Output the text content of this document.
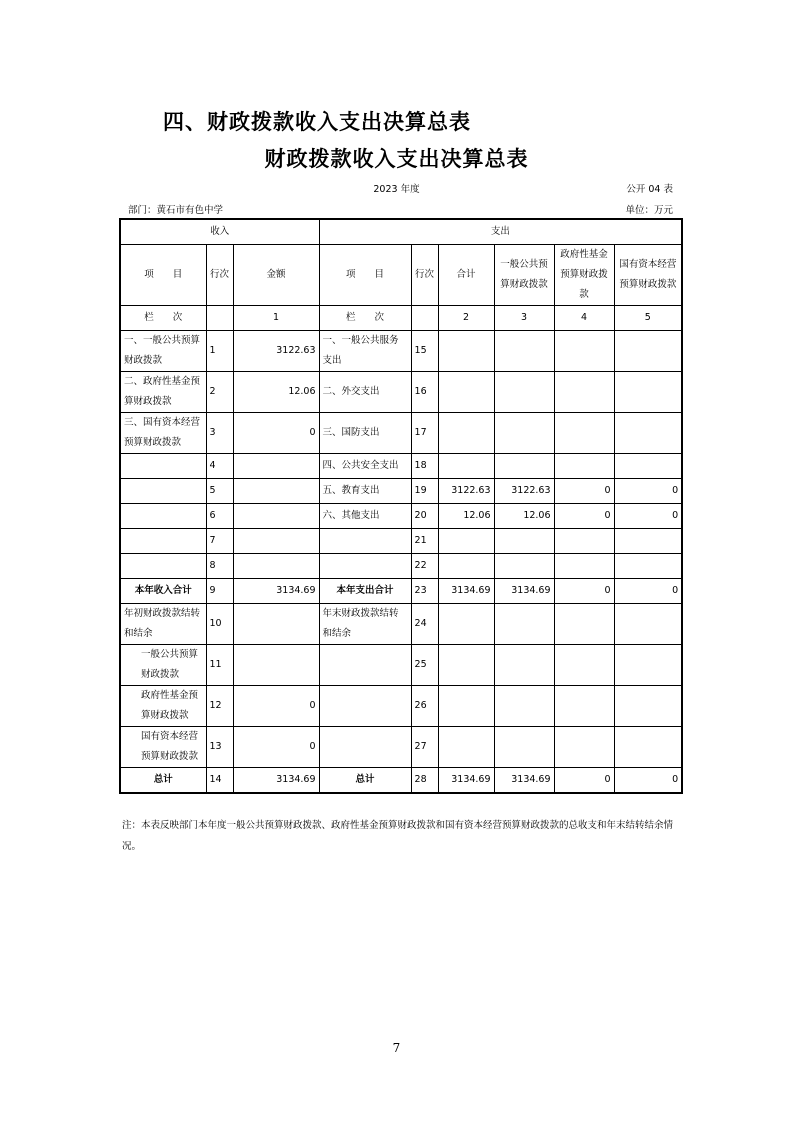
四、财政拨款收入支出决算总表
财政拨款收入支出决算总表
2023 年度	公开 04 表
部门：黄石市有色中学	单位：万元
收入			支出					
项　　目	行次	金额	项　　目	行次	合计	一般公共预算财政拨款	政府性基金预算财政拨款	国有资本经营预算财政拨款
栏　　次		1	栏　　次		2	3	4	5
一、一般公共预算财政拨款	1	3122.63	一、一般公共服务支出	15				
二、政府性基金预算财政拨款	2	12.06	二、外交支出	16				
三、国有资本经营预算财政拨款	3	0	三、国防支出	17				
	4		四、公共安全支出	18				
	5		五、教育支出	19	3122.63	3122.63	0	0
	6		六、其他支出	20	12.06	12.06	0	0
	7			21				
	8			22				
本年收入合计	9	3134.69	本年支出合计	23	3134.69	3134.69	0	0
年初财政拨款结转和结余	10		年末财政拨款结转和结余	24				
一般公共预算财政拨款	11			25				
政府性基金预算财政拨款	12	0		26				
国有资本经营预算财政拨款	13	0		27				
总计	14	3134.69	总计	28	3134.69	3134.69	0	0
注：本表反映部门本年度一般公共预算财政拨款、政府性基金预算财政拨款和国有资本经营预算财政拨款的总收支和年末结转结余情况。
7
